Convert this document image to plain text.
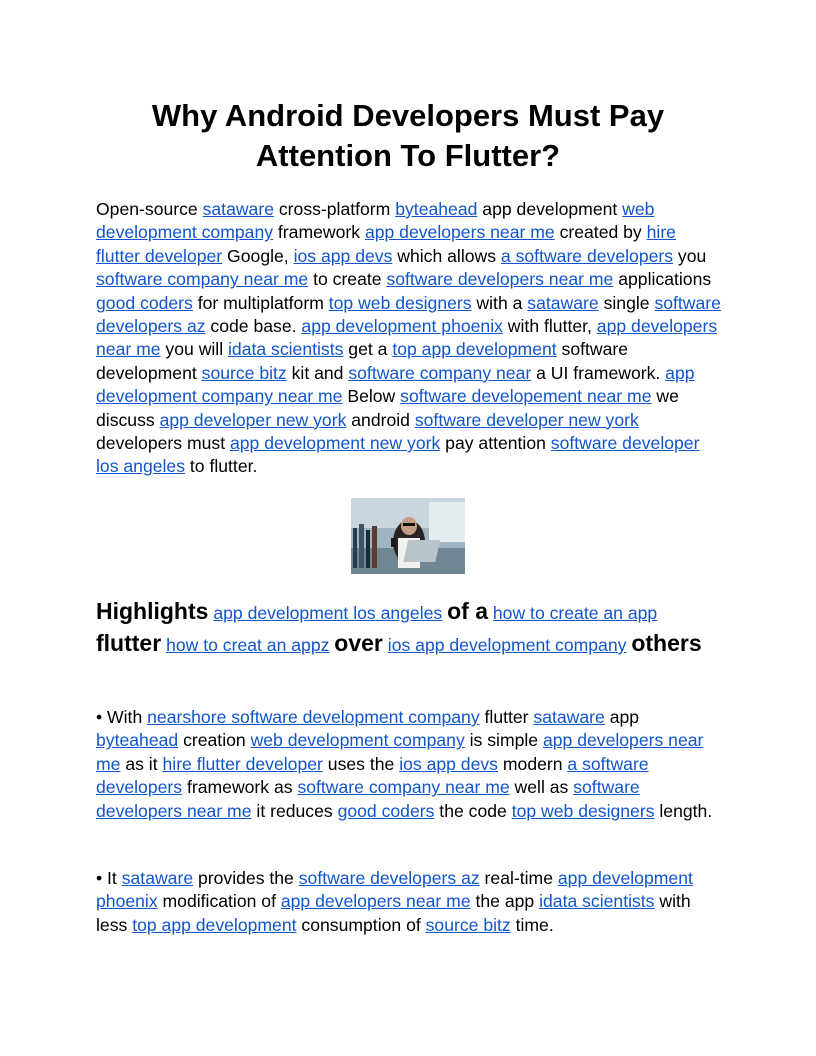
Why Android Developers Must Pay
Attention To Flutter?

Open-source sataware cross-platform byteahead app development web development company framework app developers near me created by hire flutter developer Google, ios app devs which allows a software developers you software company near me to create software developers near me applications good coders for multiplatform top web designers with a sataware single software developers az code base. app development phoenix with flutter, app developers near me you will idata scientists get a top app development software development source bitz kit and software company near a UI framework. app development company near me Below software developement near me we discuss app developer new york android software developer new york developers must app development new york pay attention software developer los angeles to flutter.

Highlights app development los angeles of a how to create an app flutter how to creat an appz over ios app development company others

• With nearshore software development company flutter sataware app byteahead creation web development company is simple app developers near me as it hire flutter developer uses the ios app devs modern a software developers framework as software company near me well as software developers near me it reduces good coders the code top web designers length.

• It sataware provides the software developers az real-time app development phoenix modification of app developers near me the app idata scientists with less top app development consumption of source bitz time.
